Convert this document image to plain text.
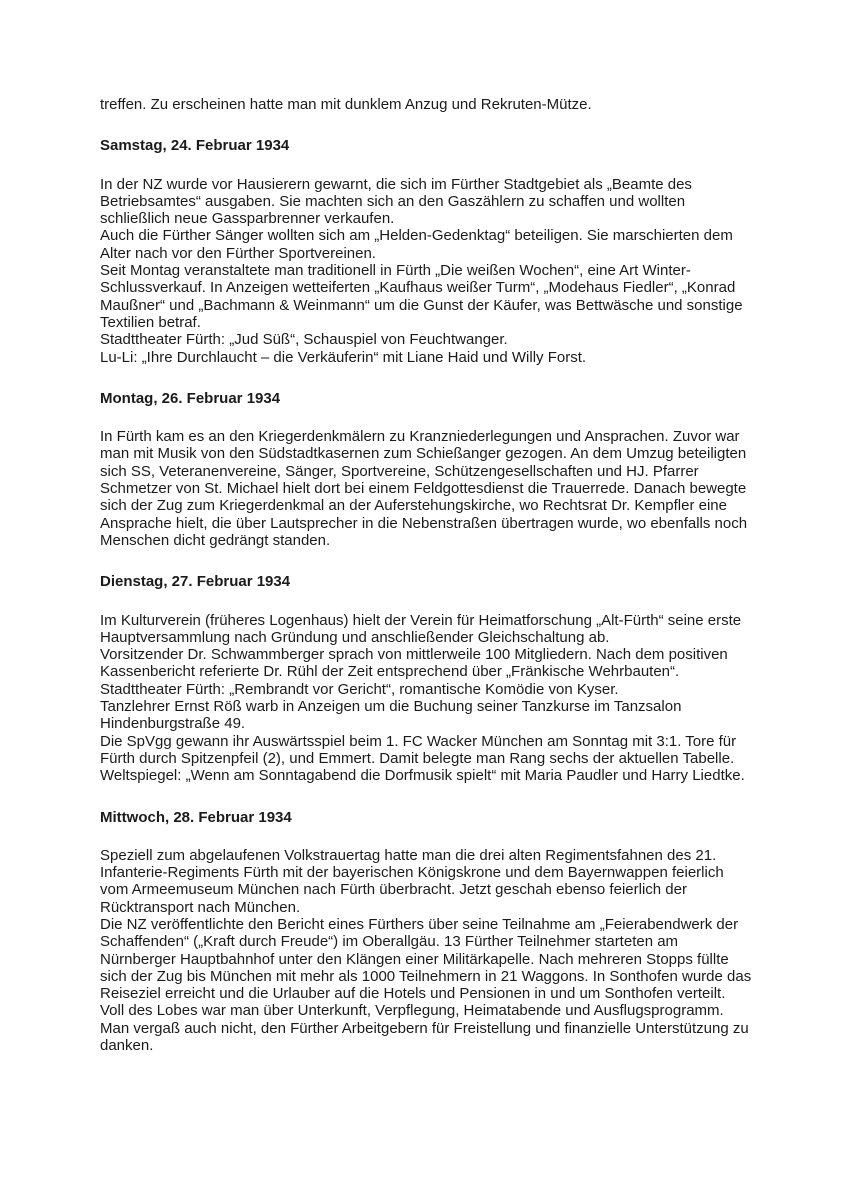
treffen. Zu erscheinen hatte man mit dunklem Anzug und Rekruten-Mütze.

Samstag, 24. Februar 1934

In der NZ wurde vor Hausierern gewarnt, die sich im Fürther Stadtgebiet als „Beamte des Betriebsamtes“ ausgaben. Sie machten sich an den Gaszählern zu schaffen und wollten schließlich neue Gassparbrenner verkaufen.

Auch die Fürther Sänger wollten sich am „Helden-Gedenktag“ beteiligen. Sie marschierten dem Alter nach vor den Fürther Sportvereinen.

Seit Montag veranstaltete man traditionell in Fürth „Die weißen Wochen“, eine Art Winter-Schlussverkauf. In Anzeigen wetteiferten „Kaufhaus weißer Turm“, „Modehaus Fiedler“, „Konrad Maußner“ und „Bachmann & Weinmann“ um die Gunst der Käufer, was Bettwäsche und sonstige Textilien betraf.

Stadttheater Fürth: „Jud Süß“, Schauspiel von Feuchtwanger.

Lu-Li: „Ihre Durchlaucht – die Verkäuferin“ mit Liane Haid und Willy Forst.

Montag, 26. Februar 1934

In Fürth kam es an den Kriegerdenkmälern zu Kranzniederlegungen und Ansprachen. Zuvor war man mit Musik von den Südstadtkasernen zum Schießanger gezogen. An dem Umzug beteiligten sich SS, Veteranenvereine, Sänger, Sportvereine, Schützengesellschaften und HJ. Pfarrer Schmetzer von St. Michael hielt dort bei einem Feldgottesdienst die Trauerrede. Danach bewegte sich der Zug zum Kriegerdenkmal an der Auferstehungskirche, wo Rechtsrat Dr. Kempfler eine Ansprache hielt, die über Lautsprecher in die Nebenstraßen übertragen wurde, wo ebenfalls noch Menschen dicht gedrängt standen.

Dienstag, 27. Februar 1934

Im Kulturverein (früheres Logenhaus) hielt der Verein für Heimatforschung „Alt-Fürth“ seine erste Hauptversammlung nach Gründung und anschließender Gleichschaltung ab.

Vorsitzender Dr. Schwammberger sprach von mittlerweile 100 Mitgliedern. Nach dem positiven Kassenbericht referierte Dr. Rühl der Zeit entsprechend über „Fränkische Wehrbauten“.

Stadttheater Fürth: „Rembrandt vor Gericht“, romantische Komödie von Kyser.

Tanzlehrer Ernst Röß warb in Anzeigen um die Buchung seiner Tanzkurse im Tanzsalon Hindenburgstraße 49.

Die SpVgg gewann ihr Auswärtsspiel beim 1. FC Wacker München am Sonntag mit 3:1. Tore für Fürth durch Spitzenpfeil (2), und Emmert. Damit belegte man Rang sechs der aktuellen Tabelle.

Weltspiegel: „Wenn am Sonntagabend die Dorfmusik spielt“ mit Maria Paudler und Harry Liedtke.

Mittwoch, 28. Februar 1934

Speziell zum abgelaufenen Volkstrauertag hatte man die drei alten Regimentsfahnen des 21. Infanterie-Regiments Fürth mit der bayerischen Königskrone und dem Bayernwappen feierlich vom Armeemuseum München nach Fürth überbracht. Jetzt geschah ebenso feierlich der Rücktransport nach München.

Die NZ veröffentlichte den Bericht eines Fürthers über seine Teilnahme am „Feierabendwerk der Schaffenden“ („Kraft durch Freude“) im Oberallgäu. 13 Fürther Teilnehmer starteten am Nürnberger Hauptbahnhof unter den Klängen einer Militärkapelle. Nach mehreren Stopps füllte sich der Zug bis München mit mehr als 1000 Teilnehmern in 21 Waggons. In Sonthofen wurde das Reiseziel erreicht und die Urlauber auf die Hotels und Pensionen in und um Sonthofen verteilt. Voll des Lobes war man über Unterkunft, Verpflegung, Heimatabende und Ausflugsprogramm. Man vergaß auch nicht, den Fürther Arbeitgebern für Freistellung und finanzielle Unterstützung zu danken.
